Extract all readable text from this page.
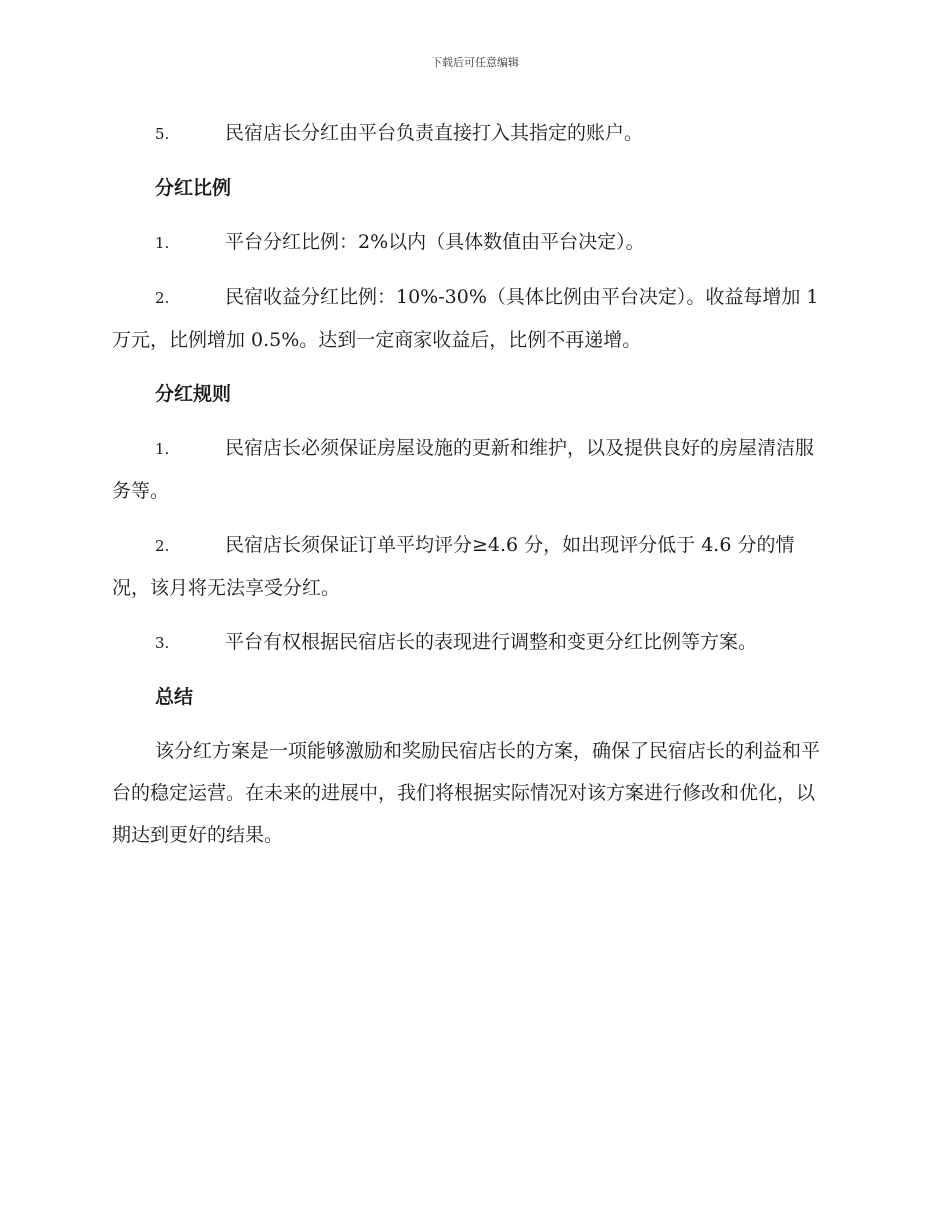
下载后可任意编辑
5.	民宿店长分红由平台负责直接打入其指定的账户。
分红比例
1.	平台分红比例：2%以内（具体数值由平台决定）。
2.	民宿收益分红比例：10%-30%（具体比例由平台决定）。收益每增加 1 万元，比例增加 0.5%。达到一定商家收益后，比例不再递增。
分红规则
1.	民宿店长必须保证房屋设施的更新和维护，以及提供良好的房屋清洁服务等。
2.	民宿店长须保证订单平均评分≥4.6 分，如出现评分低于 4.6 分的情况，该月将无法享受分红。
3.	平台有权根据民宿店长的表现进行调整和变更分红比例等方案。
总结

该分红方案是一项能够激励和奖励民宿店长的方案，确保了民宿店长的利益和平台的稳定运营。在未来的进展中，我们将根据实际情况对该方案进行修改和优化，以期达到更好的结果。
